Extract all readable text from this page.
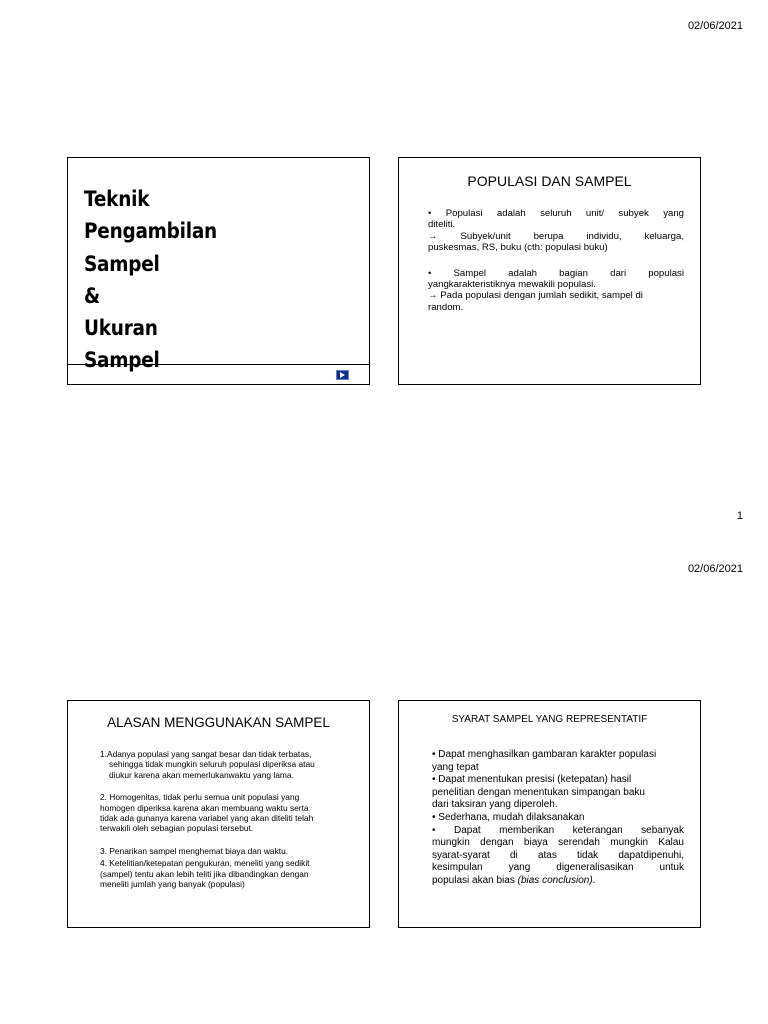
02/06/2021
Teknik
Pengambilan
Sampel
&
Ukuran
Sampel
POPULASI DAN SAMPEL
• Populasi adalah seluruh unit/ subyek yang
diteliti.
→ Subyek/unit berupa individu, keluarga,
puskesmas, RS, buku (cth: populasi buku)
• Sampel adalah bagian dari populasi
yangkarakteristiknya mewakili populasi.
→ Pada populasi dengan jumlah sedikit, sampel di
random.
1
02/06/2021
ALASAN MENGGUNAKAN SAMPEL
1.Adanya populasi yang sangat besar dan tidak terbatas,
sehingga tidak mungkin seluruh populasi diperiksa atau
diukur karena akan memerlukanwaktu yang lama.
2. Homogenitas, tidak perlu semua unit populasi yang
homogen diperiksa karena akan membuang waktu serta
tidak ada gunanya karena variabel yang akan diteliti telah
terwakili oleh sebagian populasi tersebut.
3. Penarikan sampel menghemat biaya dan waktu.
4. Ketelitian/ketepatan pengukuran, meneliti yang sedikit
(sampel) tentu akan lebih teliti jika dibandingkan dengan
meneliti jumlah yang banyak (populasi)
SYARAT SAMPEL YANG REPRESENTATIF
• Dapat menghasilkan gambaran karakter populasi
yang tepat
• Dapat menentukan presisi (ketepatan) hasil
penelitian dengan menentukan simpangan baku
dari taksiran yang diperoleh.
• Sederhana, mudah dilaksanakan
• Dapat memberikan keterangan sebanyak
mungkin dengan biaya serendah mungkin Kalau
syarat-syarat di atas tidak dapatdipenuhi,
kesimpulan yang digeneralisasikan untuk
populasi akan bias (bias conclusion).
